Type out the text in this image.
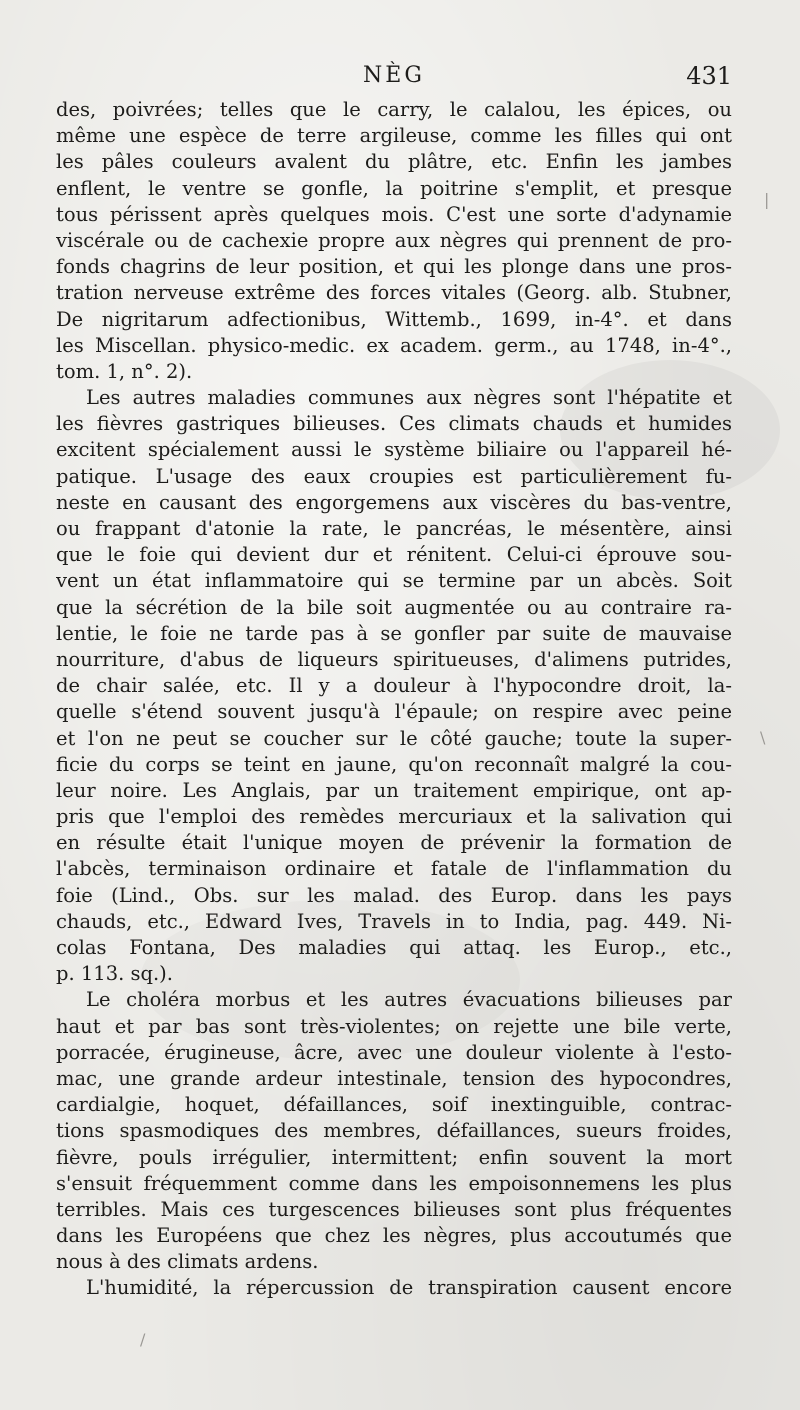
NÈG	431
des, poivrées; telles que le carry, le calalou, les épices, ou
même une espèce de terre argileuse, comme les filles qui ont
les pâles couleurs avalent du plâtre, etc. Enfin les jambes
enflent, le ventre se gonfle, la poitrine s'emplit, et presque
tous périssent après quelques mois. C'est une sorte d'adynamie
viscérale ou de cachexie propre aux nègres qui prennent de pro-
fonds chagrins de leur position, et qui les plonge dans une pros-
tration nerveuse extrême des forces vitales (Georg. alb. Stubner,
De nigritarum adfectionibus, Wittemb., 1699, in-4°. et dans
les Miscellan. physico-medic. ex academ. germ., au 1748, in-4°.,
tom. 1, n°. 2).
Les autres maladies communes aux nègres sont l'hépatite et
les fièvres gastriques bilieuses. Ces climats chauds et humides
excitent spécialement aussi le système biliaire ou l'appareil hé-
patique. L'usage des eaux croupies est particulièrement fu-
neste en causant des engorgemens aux viscères du bas-ventre,
ou frappant d'atonie la rate, le pancréas, le mésentère, ainsi
que le foie qui devient dur et rénitent. Celui-ci éprouve sou-
vent un état inflammatoire qui se termine par un abcès. Soit
que la sécrétion de la bile soit augmentée ou au contraire ra-
lentie, le foie ne tarde pas à se gonfler par suite de mauvaise
nourriture, d'abus de liqueurs spiritueuses, d'alimens putrides,
de chair salée, etc. Il y a douleur à l'hypocondre droit, la-
quelle s'étend souvent jusqu'à l'épaule; on respire avec peine
et l'on ne peut se coucher sur le côté gauche; toute la super-
ficie du corps se teint en jaune, qu'on reconnaît malgré la cou-
leur noire. Les Anglais, par un traitement empirique, ont ap-
pris que l'emploi des remèdes mercuriaux et la salivation qui
en résulte était l'unique moyen de prévenir la formation de
l'abcès, terminaison ordinaire et fatale de l'inflammation du
foie (Lind., Obs. sur les malad. des Europ. dans les pays
chauds, etc., Edward Ives, Travels in to India, pag. 449. Ni-
colas Fontana, Des maladies qui attaq. les Europ., etc.,
p. 113. sq.).
Le choléra morbus et les autres évacuations bilieuses par
haut et par bas sont très-violentes; on rejette une bile verte,
porracée, érugineuse, âcre, avec une douleur violente à l'esto-
mac, une grande ardeur intestinale, tension des hypocondres,
cardialgie, hoquet, défaillances, soif inextinguible, contrac-
tions spasmodiques des membres, défaillances, sueurs froides,
fièvre, pouls irrégulier, intermittent; enfin souvent la mort
s'ensuit fréquemment comme dans les empoisonnemens les plus
terribles. Mais ces turgescences bilieuses sont plus fréquentes
dans les Européens que chez les nègres, plus accoutumés que
nous à des climats ardens.
L'humidité, la répercussion de transpiration causent encore
|
\
/
